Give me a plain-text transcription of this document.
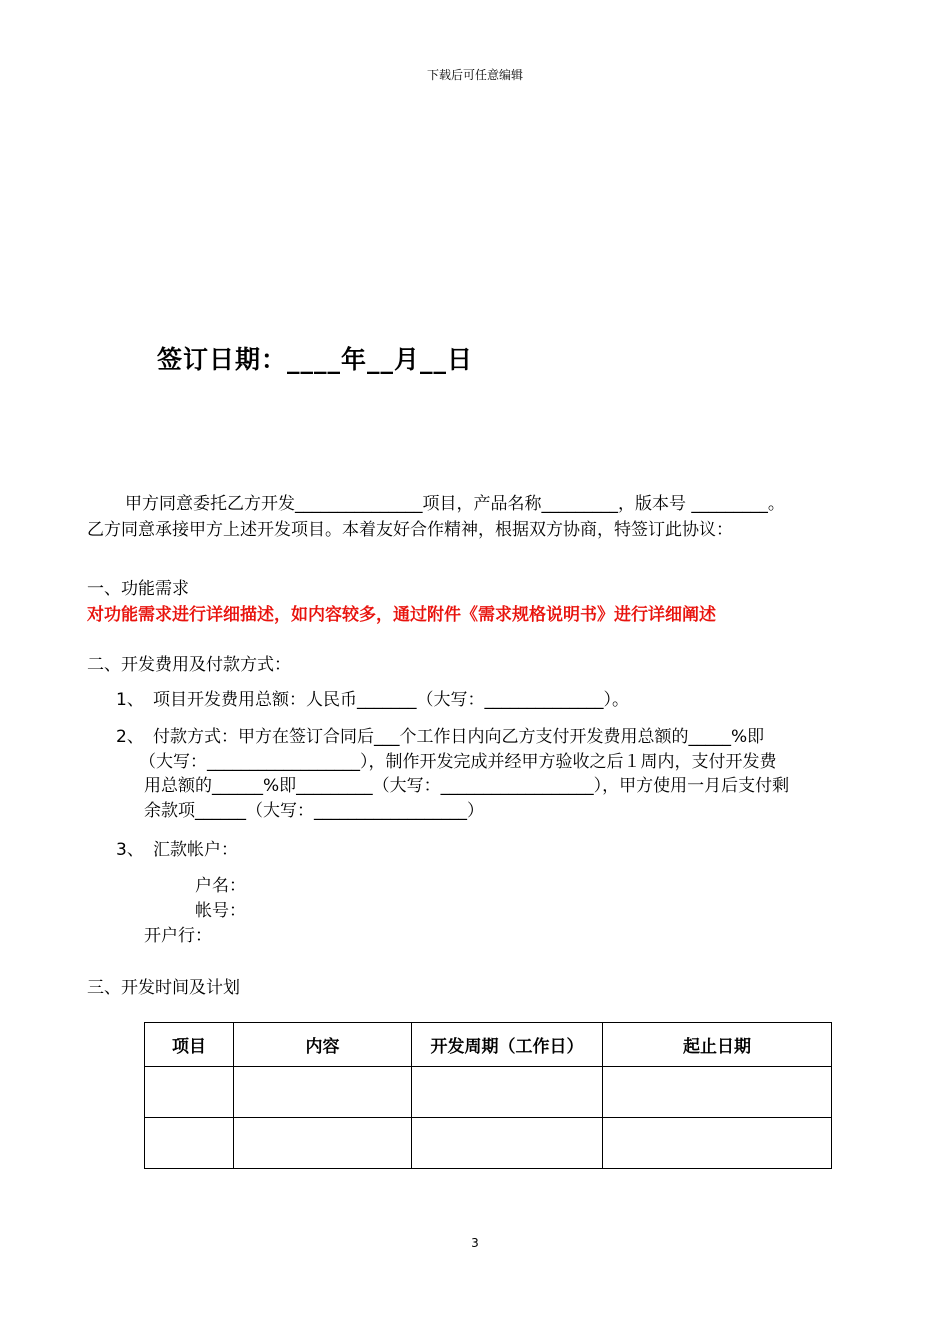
下载后可任意编辑
签订日期：____年__月__日
甲方同意委托乙方开发_______________项目，产品名称_________，版本号 _________。
乙方同意承接甲方上述开发项目。本着友好合作精神，根据双方协商，特签订此协议：
一、功能需求
对功能需求进行详细描述，如内容较多，通过附件《需求规格说明书》进行详细阐述
二、开发费用及付款方式：
1、 项目开发费用总额：人民币_______（大写：______________）。
2、 付款方式：甲方在签订合同后___个工作日内向乙方支付开发费用总额的_____%即
（大写：__________________），制作开发完成并经甲方验收之后１周内，支付开发费
用总额的______%即_________（大写：__________________），甲方使用一月后支付剩
余款项______（大写：__________________）
3、 汇款帐户：
户名：
帐号：
开户行：
三、开发时间及计划
项目	内容	开发周期（工作日）	起止日期

3
